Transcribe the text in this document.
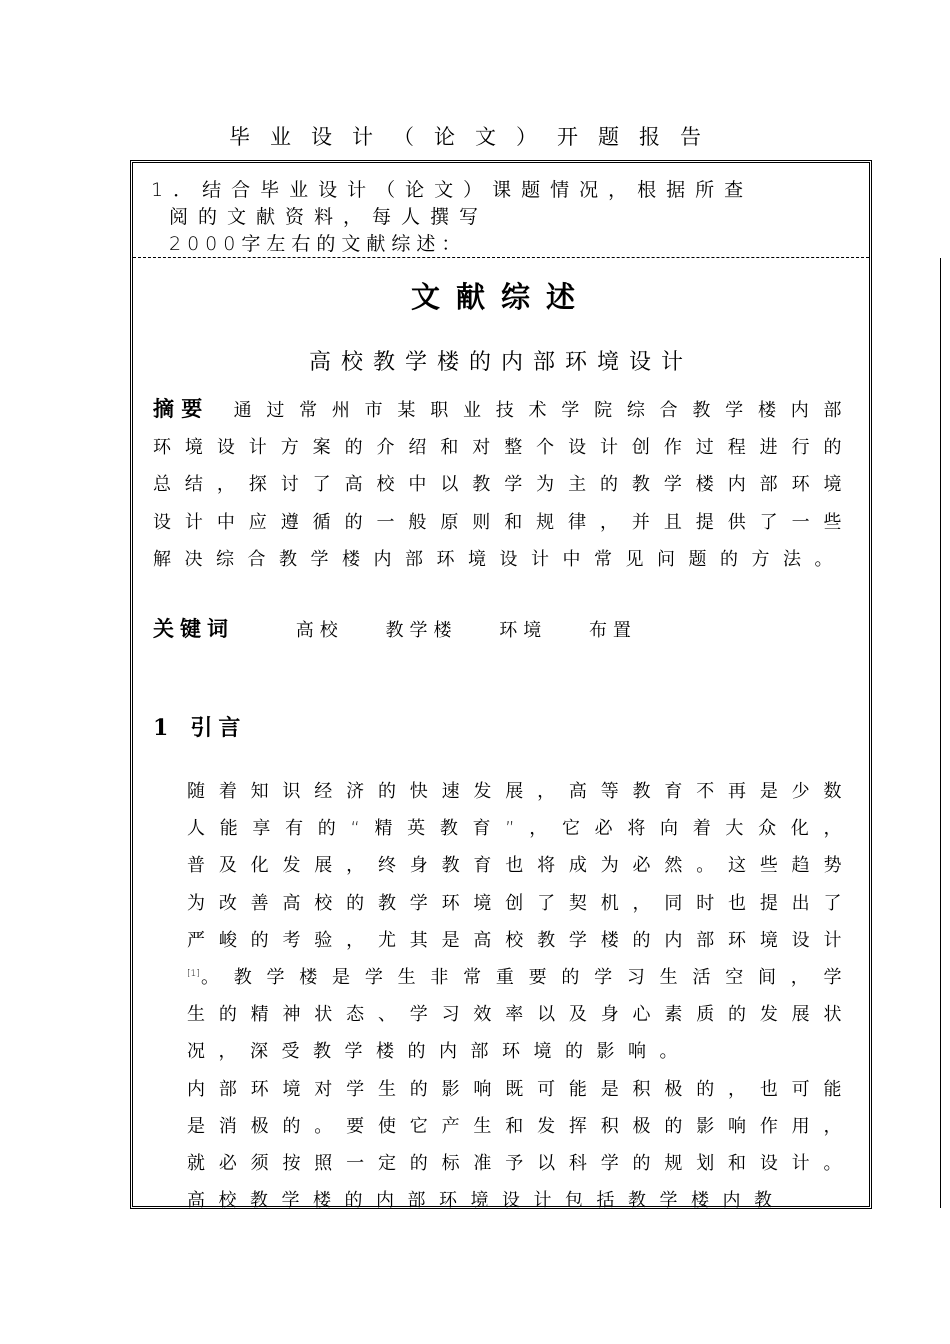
毕业设计（论文）开题报告
1．结合毕业设计（论文）课题情况，根据所查
阅的文献资料，每人撰写
2000字左右的文献综述：
文献综述
高校教学楼的内部环境设计
摘要 通过常州市某职业技术学院综合教学楼内部环境设计方案的介绍和对整个设计创作过程进行的总结，探讨了高校中以教学为主的教学楼内部环境设计中应遵循的一般原则和规律，并且提供了一些解决综合教学楼内部环境设计中常见问题的方法。
关键词	高校 教学楼 环境 布置
1 引言

随着知识经济的快速发展，高等教育不再是少数人能享有的“精英教育”，它必将向着大众化，普及化发展，终身教育也将成为必然。这些趋势为改善高校的教学环境创了契机，同时也提出了严峻的考验，尤其是高校教学楼的内部环境设计[1]。教学楼是学生非常重要的学习生活空间，学生的精神状态、学习效率以及身心素质的发展状况，深受教学楼的内部环境的影响。

内部环境对学生的影响既可能是积极的，也可能是消极的。要使它产生和发挥积极的影响作用，就必须按照一定的标准予以科学的规划和设计。高校教学楼的内部环境设计包括教学楼内教
